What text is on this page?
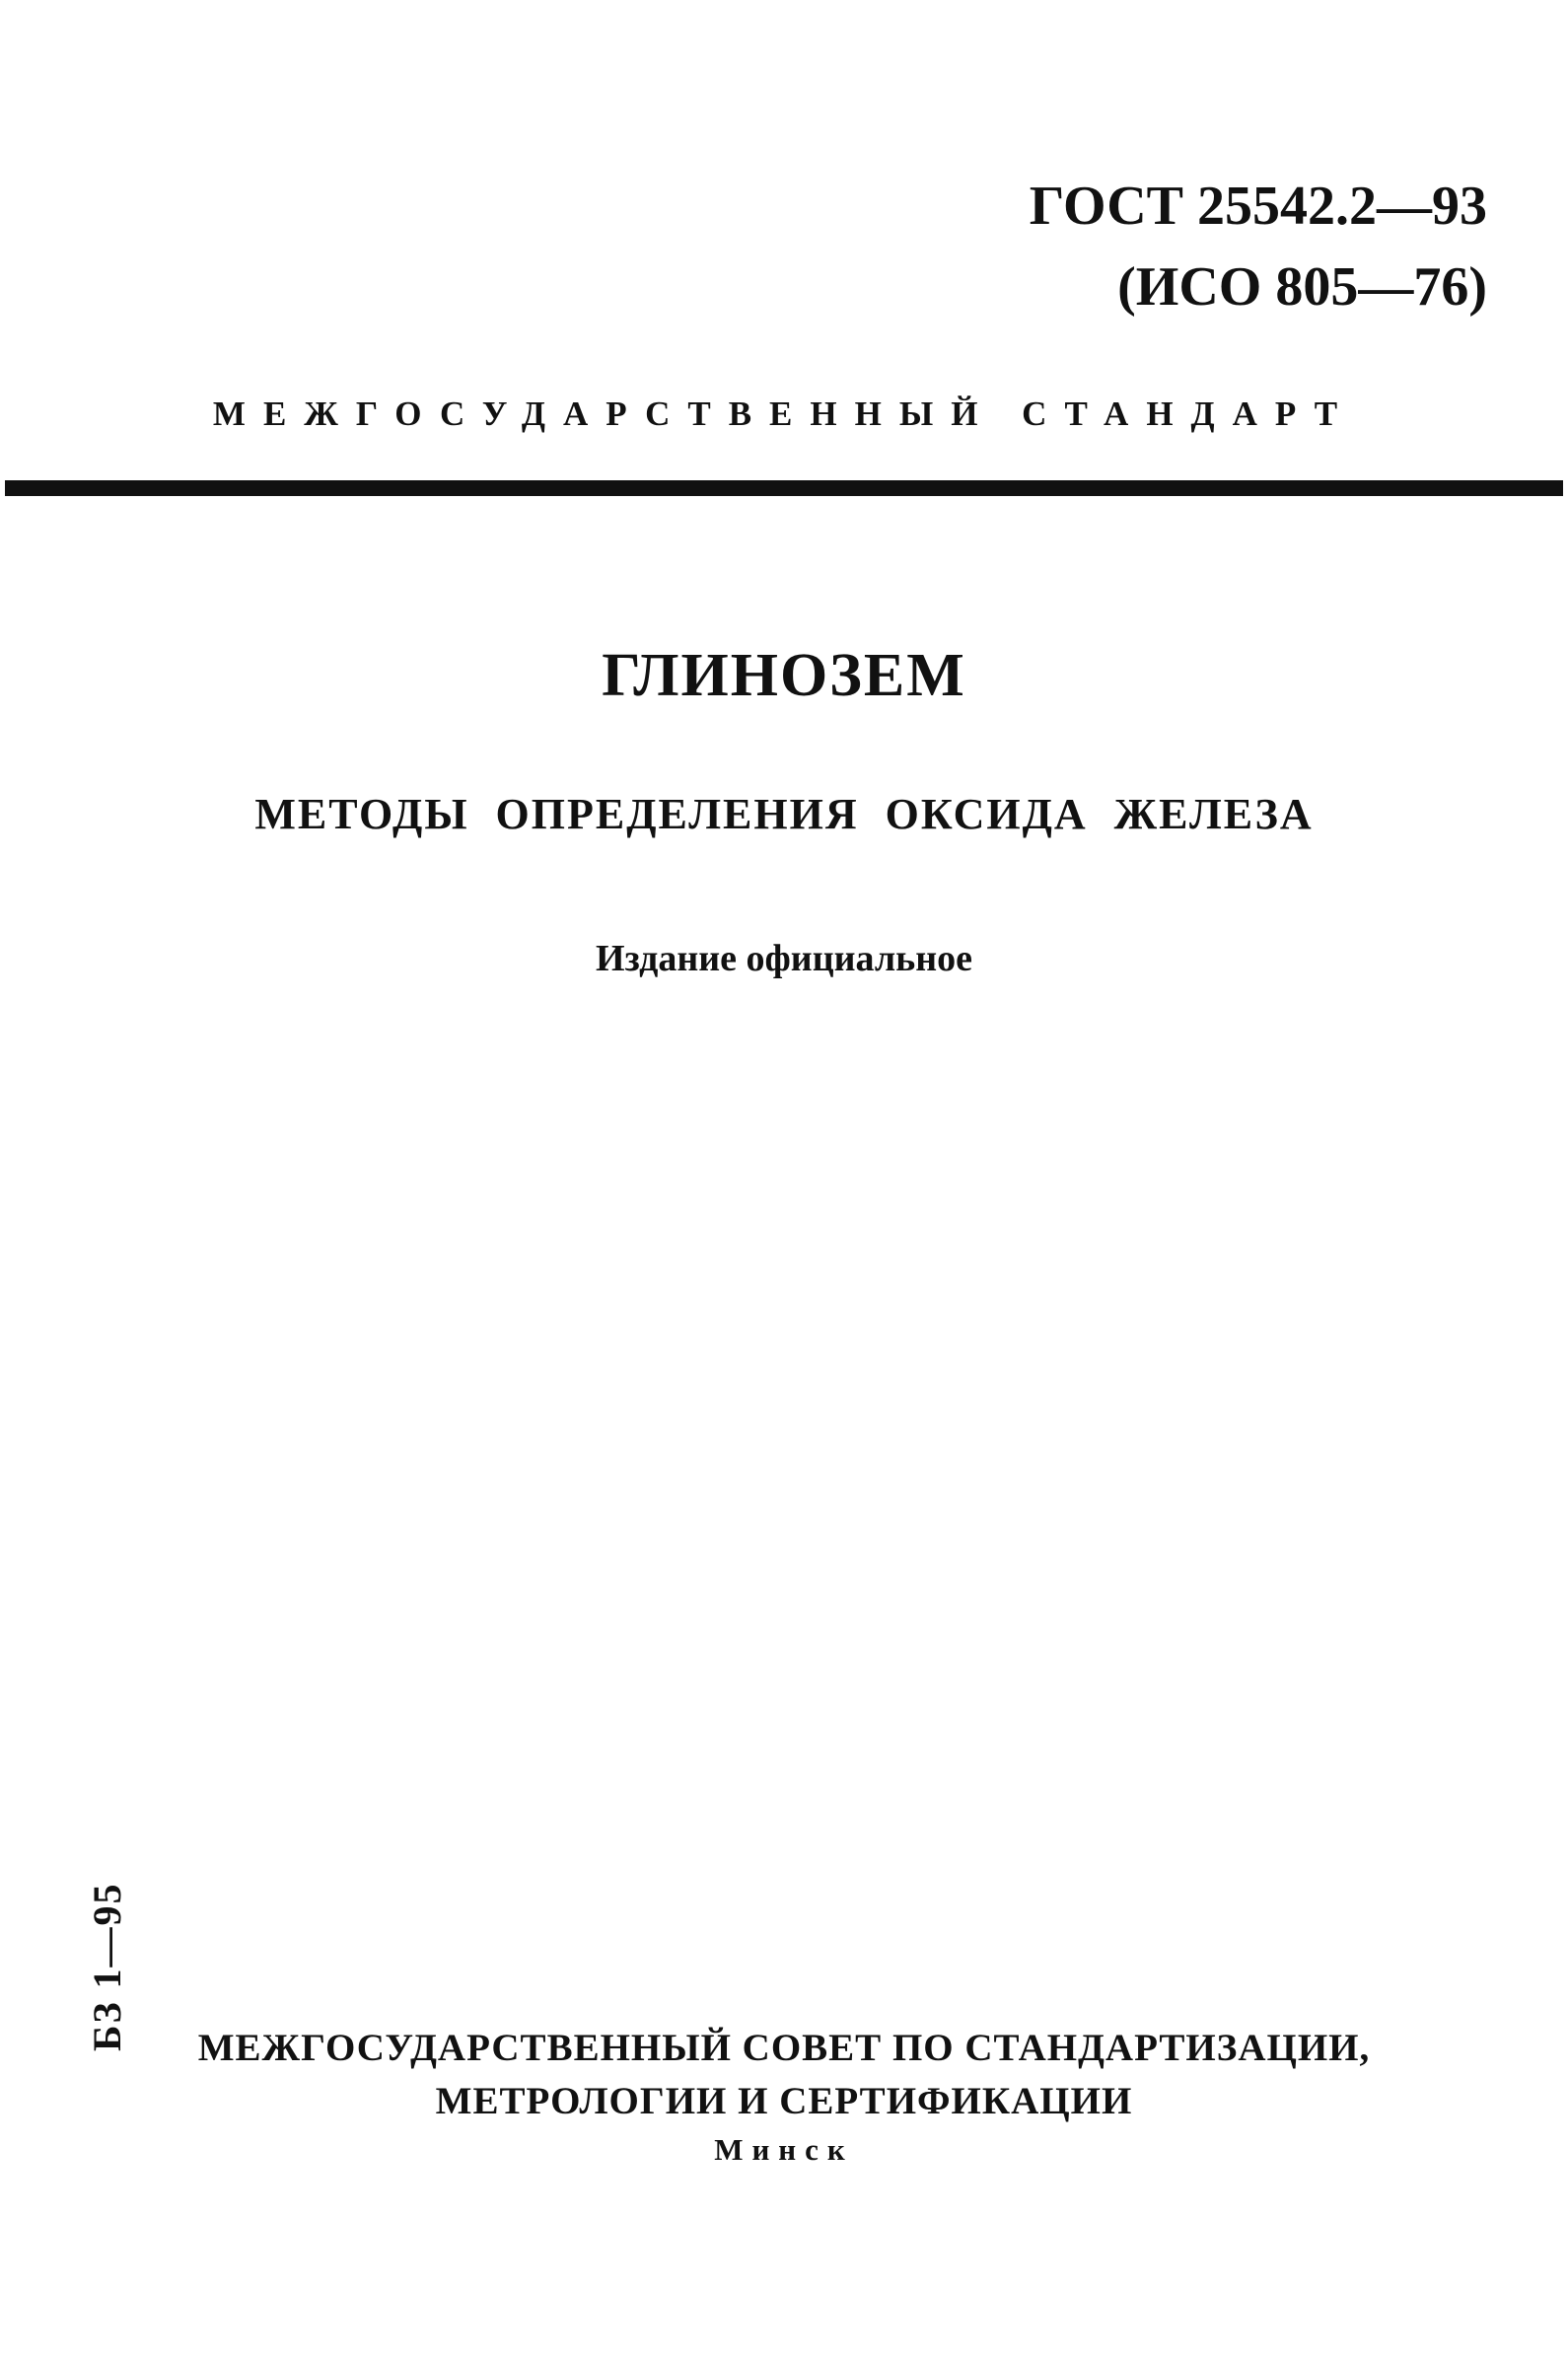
ГОСТ 25542.2—93
(ИСО 805—76)
МЕЖГОСУДАРСТВЕННЫЙ СТАНДАРТ
ГЛИНОЗЕМ
МЕТОДЫ ОПРЕДЕЛЕНИЯ ОКСИДА ЖЕЛЕЗА
Издание официальное
БЗ 1—95	МЕЖГОСУДАРСТВЕННЫЙ СОВЕТ ПО СТАНДАРТИЗАЦИИ,
МЕТРОЛОГИИ И СЕРТИФИКАЦИИ
Минск
